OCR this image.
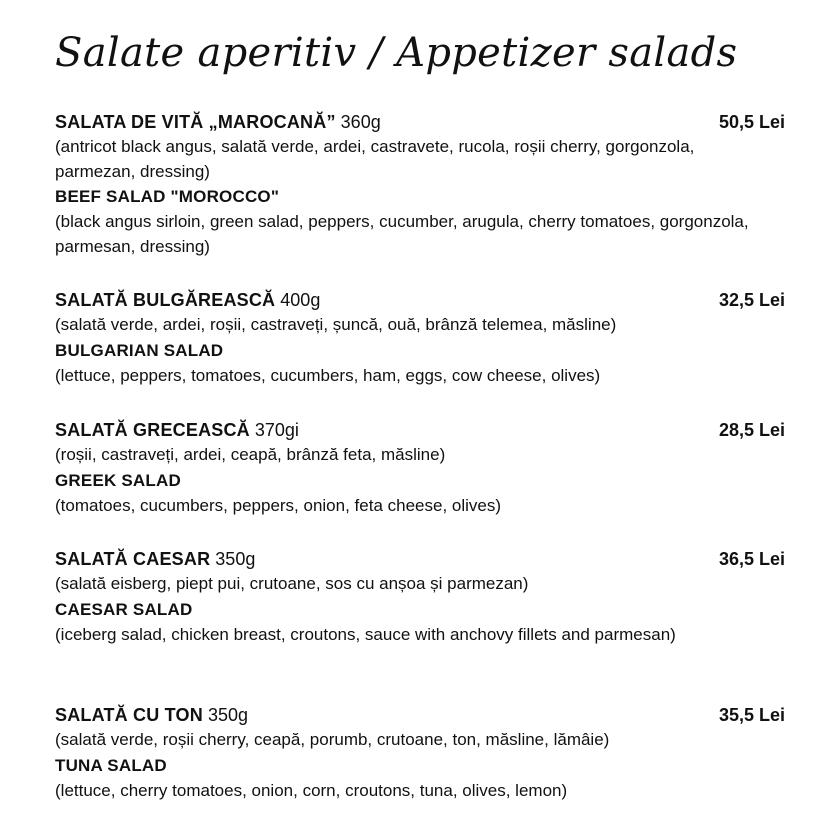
Salate aperitiv / Appetizer salads
SALATA DE VITĂ „MAROCANĂ” 360g	50,5 Lei
(antricot black angus, salată verde, ardei, castravete, rucola, roșii cherry, gorgonzola, parmezan, dressing)
BEEF SALAD "MOROCCO"
(black angus sirloin, green salad, peppers, cucumber, arugula, cherry tomatoes, gorgonzola, parmesan, dressing)
SALATĂ BULGĂREASCĂ 400g	32,5 Lei
(salată verde, ardei, roșii, castraveți, șuncă, ouă, brânză telemea, măsline)
BULGARIAN SALAD
(lettuce, peppers, tomatoes, cucumbers, ham, eggs, cow cheese, olives)
SALATĂ GRECEASCĂ 370gi	28,5 Lei
(roșii, castraveți, ardei, ceapă, brânză feta, măsline)
GREEK SALAD
(tomatoes, cucumbers, peppers, onion, feta cheese, olives)
SALATĂ CAESAR 350g	36,5 Lei
(salată eisberg, piept pui, crutoane, sos cu anșoa și parmezan)
CAESAR SALAD
(iceberg salad, chicken breast, croutons, sauce with anchovy fillets and parmesan)
SALATĂ CU TON 350g	35,5 Lei
(salată verde, roșii cherry, ceapă, porumb, crutoane, ton, măsline, lămâie)
TUNA SALAD
(lettuce, cherry tomatoes, onion, corn, croutons, tuna, olives, lemon)
